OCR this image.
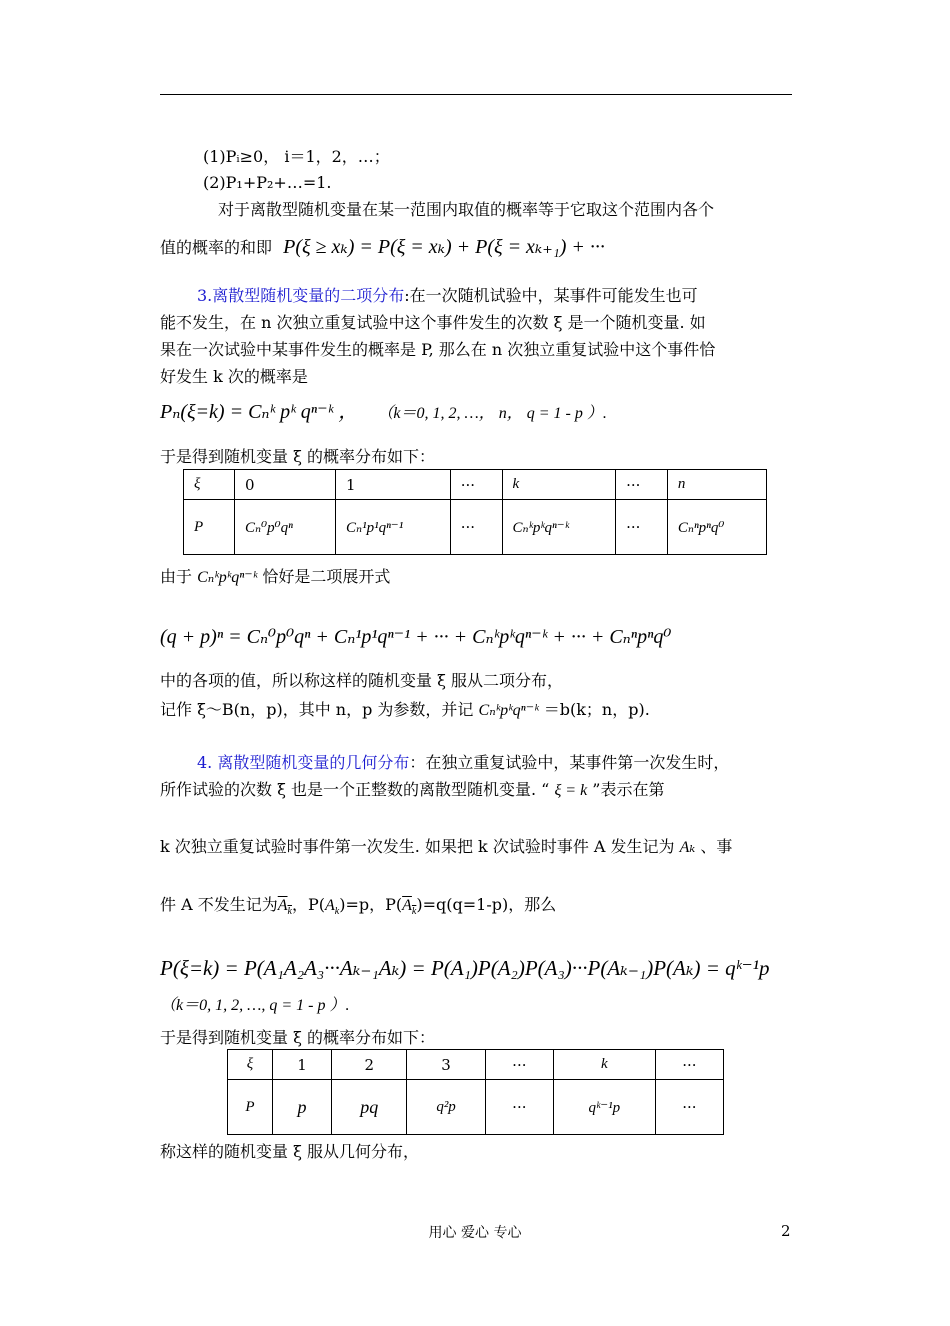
(1)Pᵢ≥0， i＝1，2，…；
(2)P₁+P₂+…=1.
对于离散型随机变量在某一范围内取值的概率等于它取这个范围内各个
值的概率的和即 P(ξ ≥ xₖ) = P(ξ = xₖ) + P(ξ = xₖ₊₁) + ···
3.离散型随机变量的二项分布:在一次随机试验中，某事件可能发生也可
能不发生，在 n 次独立重复试验中这个事件发生的次数 ξ 是一个随机变量. 如
果在一次试验中某事件发生的概率是 P, 那么在 n 次独立重复试验中这个事件恰
好发生 k 次的概率是
Pₙ(ξ=k) = Cₙᵏ pᵏ qⁿ⁻ᵏ ， （k＝0, 1, 2, …， n， q = 1 - p ）.
于是得到随机变量 ξ 的概率分布如下：
ξ	0	1	···	k	···	n
P	Cₙ⁰p⁰qⁿ	Cₙ¹p¹qⁿ⁻¹	···	Cₙᵏpᵏqⁿ⁻ᵏ	···	Cₙⁿpⁿq⁰
由于 Cₙᵏpᵏqⁿ⁻ᵏ 恰好是二项展开式
(q + p)ⁿ = Cₙ⁰p⁰qⁿ + Cₙ¹p¹qⁿ⁻¹ + ··· + Cₙᵏpᵏqⁿ⁻ᵏ + ··· + Cₙⁿpⁿq⁰
中的各项的值，所以称这样的随机变量 ξ 服从二项分布，
记作 ξ～B(n，p)，其中 n，p 为参数，并记 Cₙᵏpᵏqⁿ⁻ᵏ ＝b(k；n，p).
4. 离散型随机变量的几何分布：在独立重复试验中，某事件第一次发生时，
所作试验的次数 ξ 也是一个正整数的离散型随机变量. “ ξ = k ”表示在第
k 次独立重复试验时事件第一次发生. 如果把 k 次试验时事件 A 发生记为 Aₖ 、事
件 A 不发生记为$A_k$，$P(A_k)=p$，$P(A_k)=q(q=1-p)$，那么
P(ξ=k) = P(A₁A₂A₃···Aₖ₋₁Aₖ) = P(A₁)P(A₂)P(A₃)···P(Aₖ₋₁)P(Aₖ) = qᵏ⁻¹p
（k＝0, 1, 2, …, q = 1 - p ）.
于是得到随机变量 ξ 的概率分布如下：
ξ	1	2	3	···	k	···
P	p	pq	q²p	···	qᵏ⁻¹p	···
称这样的随机变量 ξ 服从几何分布，
用心 爱心 专心	2
